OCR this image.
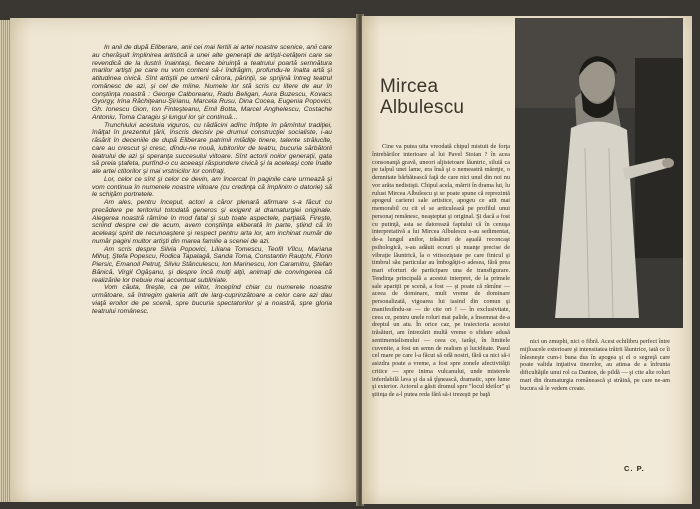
In anii de după Eliberare, anii cei mai fertili ai artei noastre scenice, anii care au cherăşuit împlinirea artistică a unei alte generaţii de artişti-cetăţeni care se revendică de la ilustrii înaintaşi, fiecare biruinţă a teatrului poartă semnătura marilor artişti pe care nu vom conteni să-i îndrăgim, profundu-le înalta artă şi atitudinea civică. Sînt artiştii pe umerii cărora, părinţii, se sprijină întreg teatrul românesc de azi, şi cel de mîine. Numele lor stă scris cu litere de aur în conştiinţa noastră : George Calboreanu, Radu Beligan, Aura Buzescu, Kovacs Gyorgy, Irina Răchiţeanu-Şirianu, Marcela Rusu, Dina Cocea, Eugenia Popovici, Gh. Ionescu Gion, Ion Finteşteanu, Emil Botta, Marcel Anghelescu, Costache Antoniu, Toma Caragiu şi lungul lor şir continuă...

Trunchiului acestuia viguros, cu rădăcini adînc înfipte în pămîntul tradiţiei, înălţat în prezentul ţării, înscris decisiv pe drumul construcţiei socialiste, i-au răsărit în deceniile de după Eliberare patrimii mlădiţe tinere, talente strălucite, care au crescut şi cresc, dîndu-ne nouă, iubitorilor de teatru, bucuria sărbătorii teatrului de azi şi speranţa succesului viitoare. Sînt actorii noilor generaţii, gata să preia ştafeta, purtînd-o cu aceeaşi răspundere civică şi la aceleaşi cote înalte ale artei ctitorilor şi mai vrstnicilor lor confraţi.

Lor, celor ce sînt şi celor ce devin, am încercat în paginile care urmează şi vom continua în numerele noastre viitoare (cu credinţa că împlinim o datorie) să le schiţăm portretele.

Am ales, pentru început, actori a căror plenară afirmare s-a făcut cu precădere pe teritoriul totodată generos şi exigent al dramaturgiei originale. Alegerea noastră rămîne în mod fatal şi sub toate aspectele, parţială. Fireşte, scriind despre cei de acum, avem conştiinţa eliberată în parte, ştiind că în aceleaşi spirit de recunoaştere şi respect pentru arta lor, am inchinat număr de număr pagini multor artişti din marea familie a scenei de azi.

Am scris despre Silvia Popovici, Liliana Tomescu, Teofil Vîlcu, Mariana Mihuţ, Ştefa Popescu, Rodica Tapalagă, Sanda Toma, Constantin Rauţchi, Florin Piersic, Emanoil Petruţ, Silviu Stănculescu, Ion Marinescu, Ion Caramitru, Ştefan Bănică, Virgil Ogăşanu, şi despre încă mulţi alţii, animaţi de convingerea că realizările lor trebuie mai accentuat subliniate.

Vom căuta, fireşte, ca pe viitor, începînd chiar cu numerele noastre următoare, să întregim galeria atît de larg-cuprinzătoare a celor care azi dau viaţă eroilor de pe scenă, spre bucuria spectatorilor şi a noastră, spre gloria teatrului românesc.

Mircea
Albulescu

Cine va putea uita vreodată chipul mistuit de forţa întrebărilor interioare al lui Pavel Stoian ? în acea consonanţă gravă, uneori aljistetoare lăuntric, siluiă ca pe talpul unei lame, era însă şi o nemeastră măreţie, o demnitate bărbătească faţă de care nici unul din noi nu vor arăta nedistişti. Chipul acela, mărrit în drama lui, lu rulust Mircea Albulescu şi se poate spune că reprezintă apogeul carierei sale artistice, apogeu ce atit mai memorabil cu cit el se articulează pe profilul unui personaj remănesc, neaşteptat şi original. Şi dacă a fost cu putinţă, asta se datorează faptului că în cenuşa interpretativă a lui Mircea Albulescu s-au sedimentat, de-a lungul anilor, trăsături de aşuală reconcaşt psihologică, s-au adăuit ecouri şi nuanţe precise de vibraţie lăuntrică, la o vitisoziştate pe care finicul şi timbrul său particular au îmbogăţit-o adesea, fără prea mari eforturi de participare una de transfigurare. Tendinţa principală a acestui interpret, de la primele sale apariţii pe scenă, a fost — şi poate că rămîne — aceea de dominare, mult vreme de dominare personalizată, vigoarea lui iasind din comun şi manifestîndu-se — de cite ori ! — în exclusivitate, ceea ce, pentru unele roluri mai palide, a însemnat de-a dreptul un atu. În orice caz, pe traiectoria acestui trăsături, am întrezărit multă vreme o sfidare adusă sentimentalismului — ceea ce, iarăşi, în limitele cuvenite, a fost un semn de realism şi luciditate. Pasul cel mare pe care l-a făcut să odă nostri, fără ca nici să-i asizdra poate a vreme, a fost spre zonele afectivităţii critice — spre inima vulcanului, unde misterele inferdabilă lava şi da să ţîşnească, dramatic, spre lume şi exterior. Actorul a găsit drumul spre "locul ideilor" şi ştiinţa de a-l putea reda fără să-i trezeşti pe baţă

nici un zmuphi, nici o fibră. Acest echilibru perfect între mijloacele exterioare şi intensitatea trăirii lăuntrice, iată ce îi înlesneşte cum-i buna dus în apogea şi el o segreţă care poate valida inţiativa tinerelor, au atinsa de a înfrunta dificultăţile unui rol ca Danton, de pildă — şi cite alte roluri mari din dramaturgia românească şi străină, pe care ne-am bucura să le vedem create.

C. P.
